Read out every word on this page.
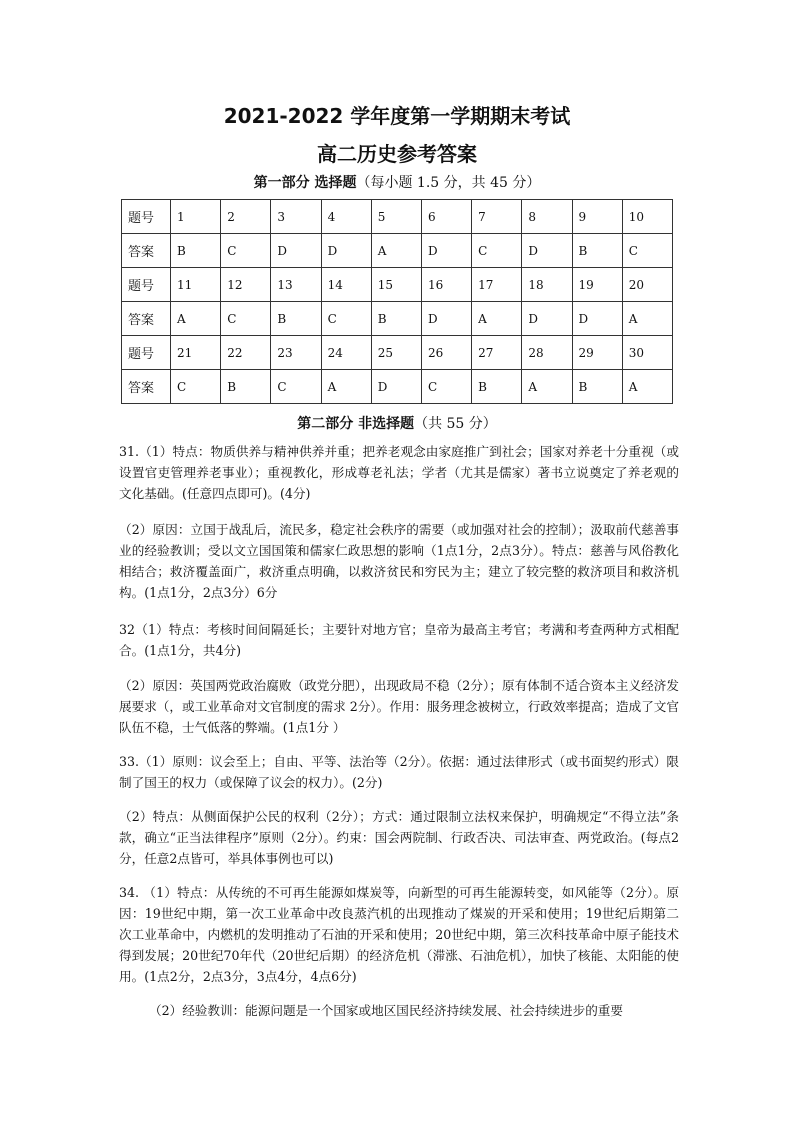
2021-2022 学年度第一学期期末考试
高二历史参考答案
第一部分 选择题（每小题 1.5 分，共 45 分）
题号	1	2	3	4	5	6	7	8	9	10
答案	B	C	D	D	A	D	C	D	B	C
题号	11	12	13	14	15	16	17	18	19	20
答案	A	C	B	C	B	D	A	D	D	A
题号	21	22	23	24	25	26	27	28	29	30
答案	C	B	C	A	D	C	B	A	B	A
第二部分 非选择题（共 55 分）
31.（1）特点：物质供养与精神供养并重；把养老观念由家庭推广到社会；国家对养老十分重视（或设置官吏管理养老事业）；重视教化，形成尊老礼法；学者（尤其是儒家）著书立说奠定了养老观的文化基础。(任意四点即可)。(4分)
（2）原因：立国于战乱后，流民多，稳定社会秩序的需要（或加强对社会的控制）；汲取前代慈善事业的经验教训；受以文立国国策和儒家仁政思想的影响（1点1分，2点3分）。特点：慈善与风俗教化相结合；救济覆盖面广，救济重点明确，以救济贫民和穷民为主；建立了较完整的救济项目和救济机构。(1点1分，2点3分）6分
32（1）特点：考核时间间隔延长；主要针对地方官；皇帝为最高主考官；考满和考查两种方式相配合。(1点1分，共4分)
（2）原因：英国两党政治腐败（政党分肥），出现政局不稳（2分）；原有体制不适合资本主义经济发展要求（，或工业革命对文官制度的需求 2分）。作用：服务理念被树立，行政效率提高；造成了文官队伍不稳，士气低落的弊端。(1点1分 ）
33.（1）原则：议会至上；自由、平等、法治等（2分）。依据：通过法律形式（或书面契约形式）限制了国王的权力（或保障了议会的权力）。(2分)
（2）特点：从侧面保护公民的权利（2分）；方式：通过限制立法权来保护，明确规定“不得立法”条款，确立“正当法律程序”原则（2分）。约束：国会两院制、行政否决、司法审查、两党政治。(每点2分，任意2点皆可，举具体事例也可以)
34. （1）特点：从传统的不可再生能源如煤炭等，向新型的可再生能源转变，如风能等（2分）。原因：19世纪中期，第一次工业革命中改良蒸汽机的出现推动了煤炭的开采和使用；19世纪后期第二次工业革命中，内燃机的发明推动了石油的开采和使用；20世纪中期，第三次科技革命中原子能技术得到发展；20世纪70年代（20世纪后期）的经济危机（滞涨、石油危机），加快了核能、太阳能的使用。(1点2分，2点3分，3点4分，4点6分)
（2）经验教训：能源问题是一个国家或地区国民经济持续发展、社会持续进步的重要
